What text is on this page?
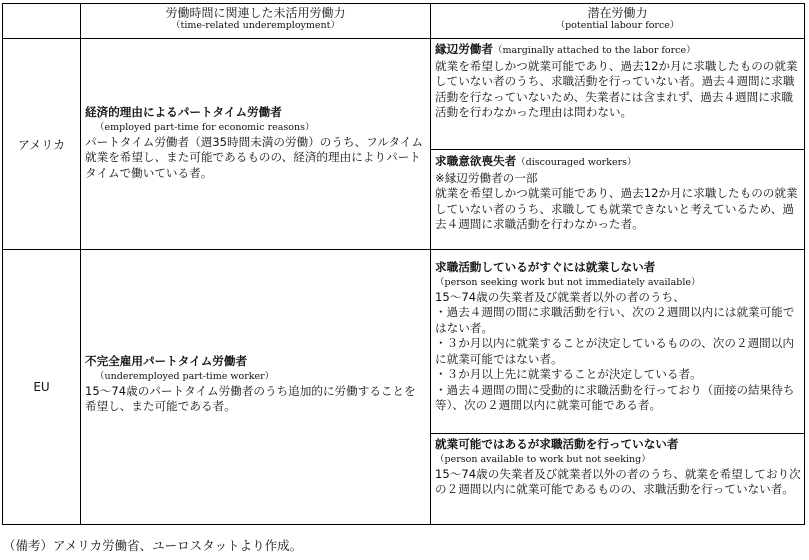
労働時間に関連した未活用労働力
（time-related underemployment）
潜在労働力
（potential labour force）
アメリカ
経済的理由によるパートタイム労働者
（employed part-time for economic reasons）

パートタイム労働者（週35時間未満の労働）のうち、フルタイム就業を希望し、また可能であるものの、経済的理由によりパートタイムで働いている者。

縁辺労働者（marginally attached to the labor force）

就業を希望しかつ就業可能であり、過去12か月に求職したものの就業していない者のうち、求職活動を行っていない者。過去４週間に求職活動を行なっていないため、失業者には含まれず、過去４週間に求職活動を行わなかった理由は問わない。

求職意欲喪失者（discouraged workers）
※縁辺労働者の一部

就業を希望しかつ就業可能であり、過去12か月に求職したものの就業していない者のうち、求職しても就業できないと考えているため、過去４週間に求職活動を行わなかった者。

EU
不完全雇用パートタイム労働者
（underemployed part-time worker）

15～74歳のパートタイム労働者のうち追加的に労働することを希望し、また可能である者。

求職活動しているがすぐには就業しない者
（person seeking work but not immediately available）
15～74歳の失業者及び就業者以外の者のうち、
・過去４週間の間に求職活動を行い、次の２週間以内には就業可能ではない者。
・３か月以内に就業することが決定しているものの、次の２週間以内に就業可能ではない者。
・３か月以上先に就業することが決定している者。
・過去４週間の間に受動的に求職活動を行っており（面接の結果待ち等）、次の２週間以内に就業可能である者。
就業可能ではあるが求職活動を行っていない者
（person available to work but not seeking）

15～74歳の失業者及び就業者以外の者のうち、就業を希望しており次の２週間以内に就業可能であるものの、求職活動を行っていない者。

（備考）アメリカ労働省、ユーロスタットより作成。
